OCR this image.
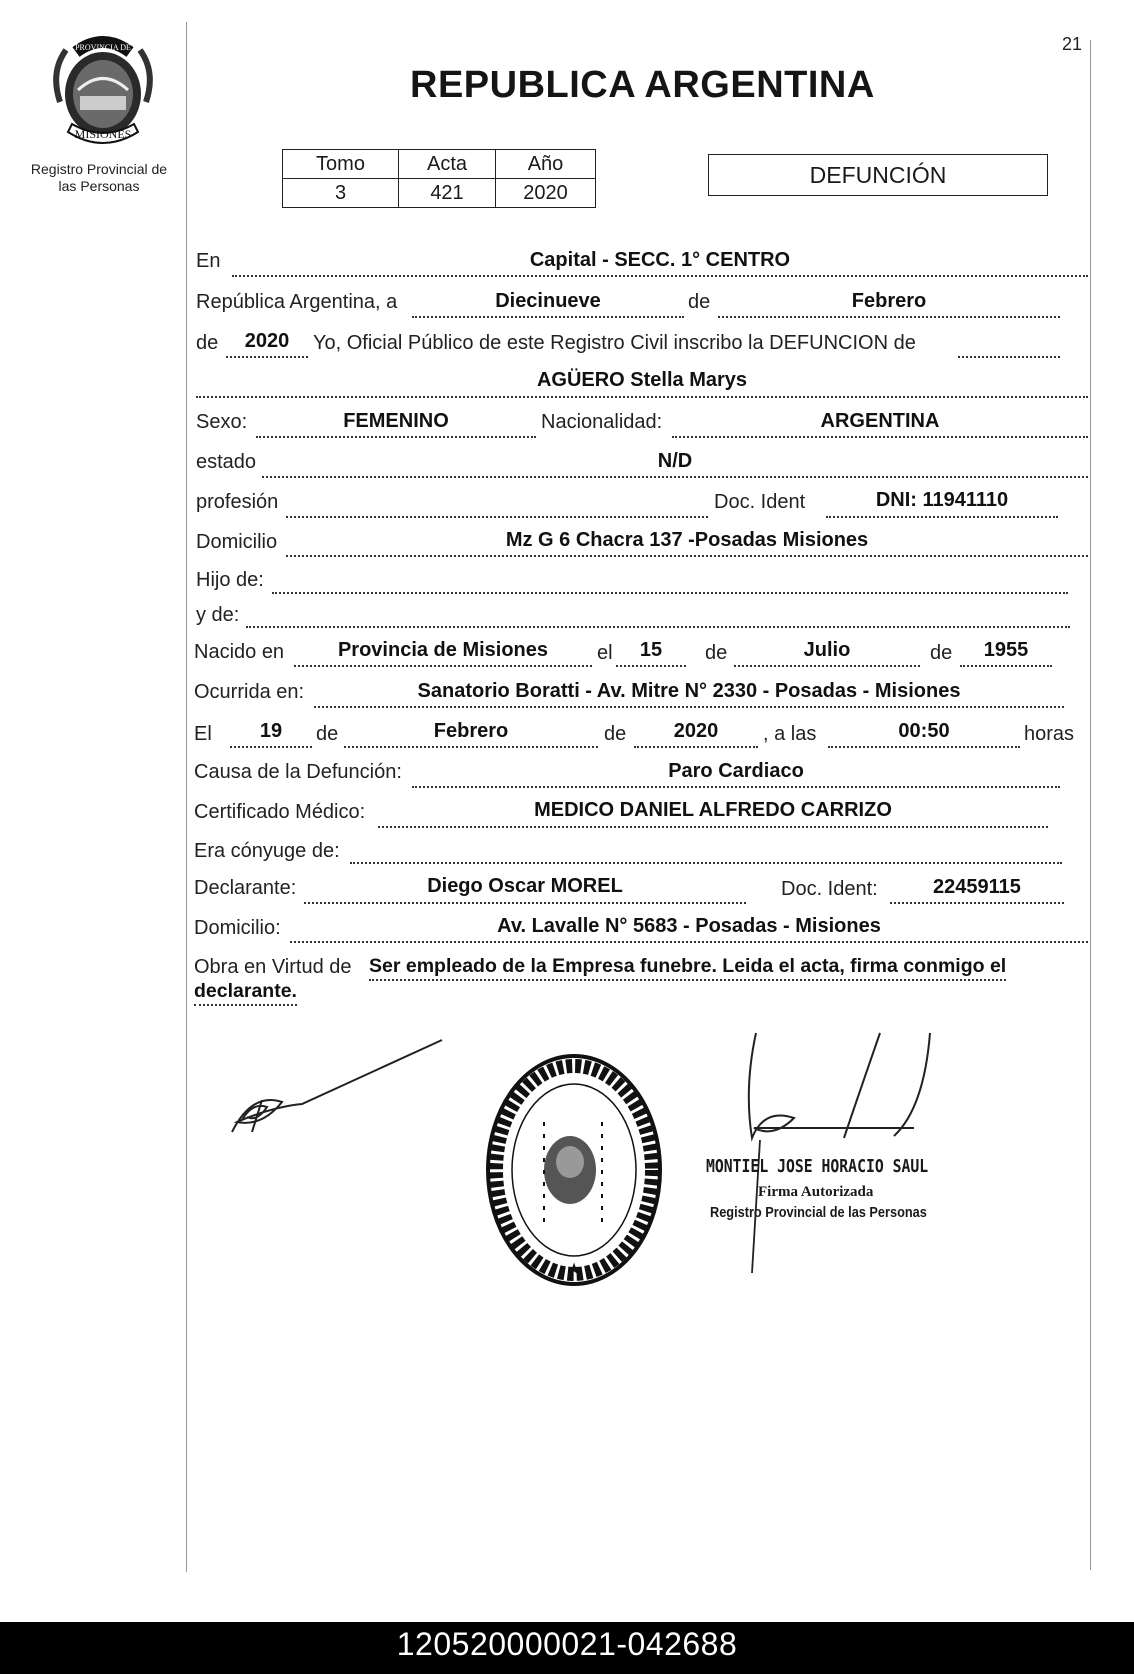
21
PROVINCIA DE
MISIONES
Registro Provincial de las Personas
REPUBLICA ARGENTINA
Tomo	Acta	Año
3	421	2020
DEFUNCIÓN
En	Capital - SECC. 1° CENTRO
República Argentina, a	Diecinueve	de	Febrero
de	2020	Yo, Oficial Público de este Registro Civil inscribo la DEFUNCION de
AGÜERO Stella Marys
Sexo:	FEMENINO	Nacionalidad:	ARGENTINA
estado	N/D
profesión	Doc. Ident	DNI: 11941110
Domicilio	Mz G 6 Chacra 137 -Posadas Misiones
Hijo de:
y de:
Nacido en	Provincia de Misiones	el	15	de	Julio	de	1955
Ocurrida en:	Sanatorio Boratti - Av. Mitre N° 2330 - Posadas - Misiones
El	19	de	Febrero	de	2020	, a las	00:50	horas
Causa de la Defunción:	Paro Cardiaco
Certificado Médico:	MEDICO DANIEL ALFREDO CARRIZO
Era cónyuge de:
Declarante:	Diego Oscar MOREL	Doc. Ident:	22459115
Domicilio:	Av. Lavalle N° 5683 - Posadas - Misiones
Obra en Virtud de Ser empleado de la Empresa funebre. Leida el acta, firma conmigo el
declarante.
★
MONTIEL JOSE HORACIO SAUL
Firma Autorizada
Registro Provincial de las Personas
120520000021-042688
